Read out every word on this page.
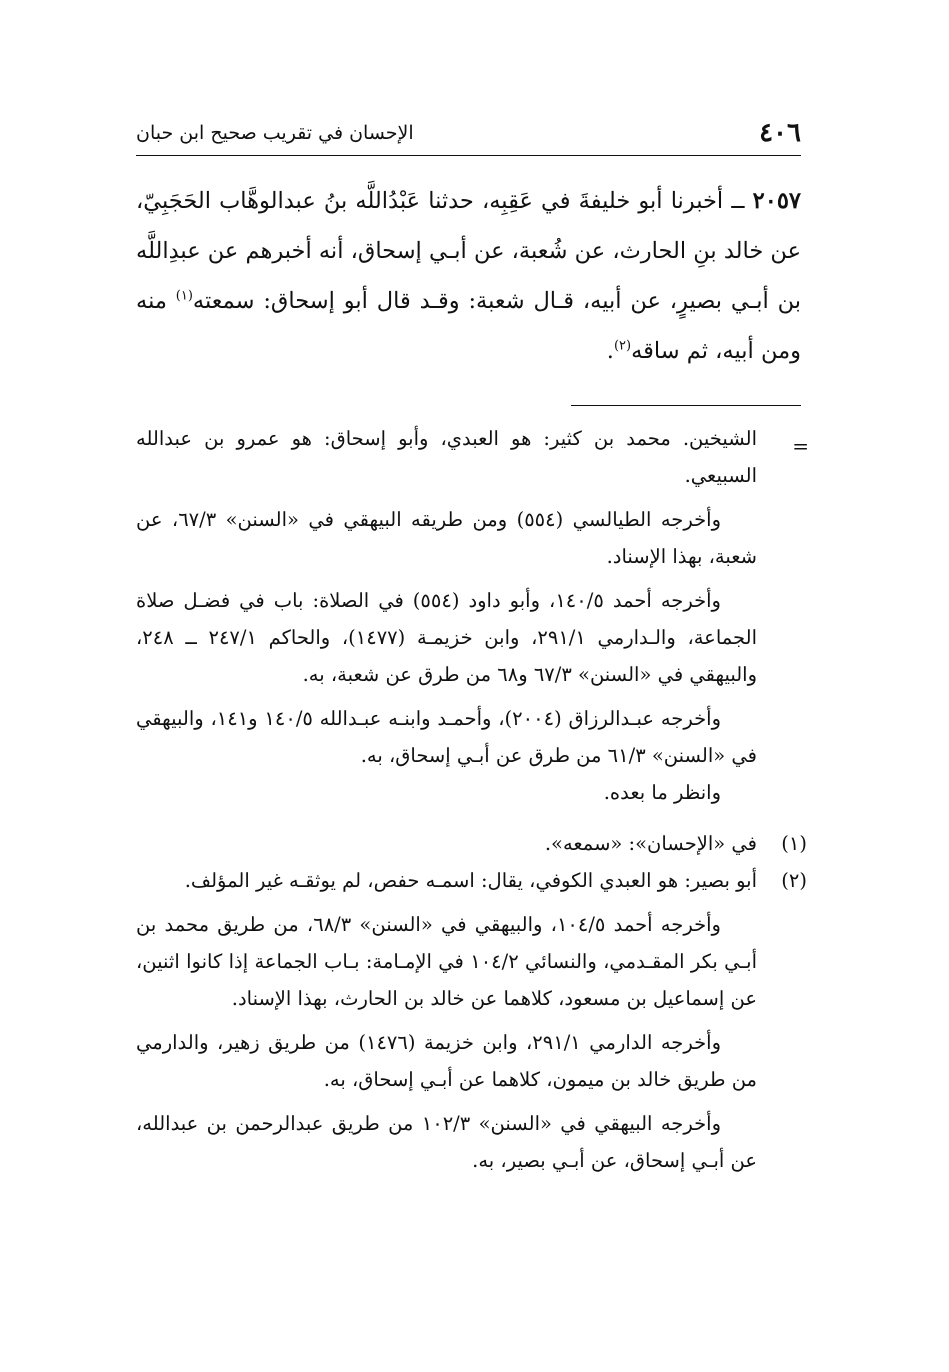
٤٠٦
الإحسان في تقريب صحيح ابن حبان
٢٠٥٧ ــ أخبرنا أبو خليفةَ في عَقِبِه، حدثنا عَبْدُاللَّه بنُ عبدالوهَّاب الحَجَبِيّ، عن خالد بنِ الحارث، عن شُعبة، عن أبـي إسحاق، أنه أخبرهم عن عبدِاللَّه بن أبـي بصيرٍ، عن أبيه، قـال شعبة: وقـد قال أبو إسحاق: سمعته$^{(١)}$ منه ومن أبيه، ثم ساقه$^{(٢)}$.
=

الشيخين. محمد بن كثير: هو العبدي، وأبو إسحاق: هو عمرو بن عبدالله السبيعي.

وأخرجه الطيالسي (٥٥٤) ومن طريقه البيهقي في «السنن» ٦٧/٣، عن شعبة، بهذا الإسناد.

وأخرجه أحمد ١٤٠/٥، وأبو داود (٥٥٤) في الصلاة: باب في فضـل صلاة الجماعة، والـدارمي ٢٩١/١، وابن خزيمـة (١٤٧٧)، والحاكم ٢٤٧/١ ــ ٢٤٨، والبيهقي في «السنن» ٦٧/٣ و٦٨ من طرق عن شعبة، به.

وأخرجه عبـدالرزاق (٢٠٠٤)، وأحمـد وابنـه عبـدالله ١٤٠/٥ و١٤١، والبيهقي في «السنن» ٦١/٣ من طرق عن أبـي إسحاق، به.

وانظر ما بعده.

(١)

في «الإحسان»: «سمعه».

(٢)

أبو بصير: هو العبدي الكوفي، يقال: اسمـه حفص، لم يوثقـه غير المؤلف.

وأخرجه أحمد ١٠٤/٥، والبيهقي في «السنن» ٦٨/٣، من طريق محمد بن أبـي بكر المقـدمي، والنسائي ١٠٤/٢ في الإمـامة: بـاب الجماعة إذا كانوا اثنين، عن إسماعيل بن مسعود، كلاهما عن خالد بن الحارث، بهذا الإسناد.

وأخرجه الدارمي ٢٩١/١، وابن خزيمة (١٤٧٦) من طريق زهير، والدارمي من طريق خالد بن ميمون، كلاهما عن أبـي إسحاق، به.

وأخرجه البيهقي في «السنن» ١٠٢/٣ من طريق عبدالرحمن بن عبدالله، عن أبـي إسحاق، عن أبـي بصير، به.
